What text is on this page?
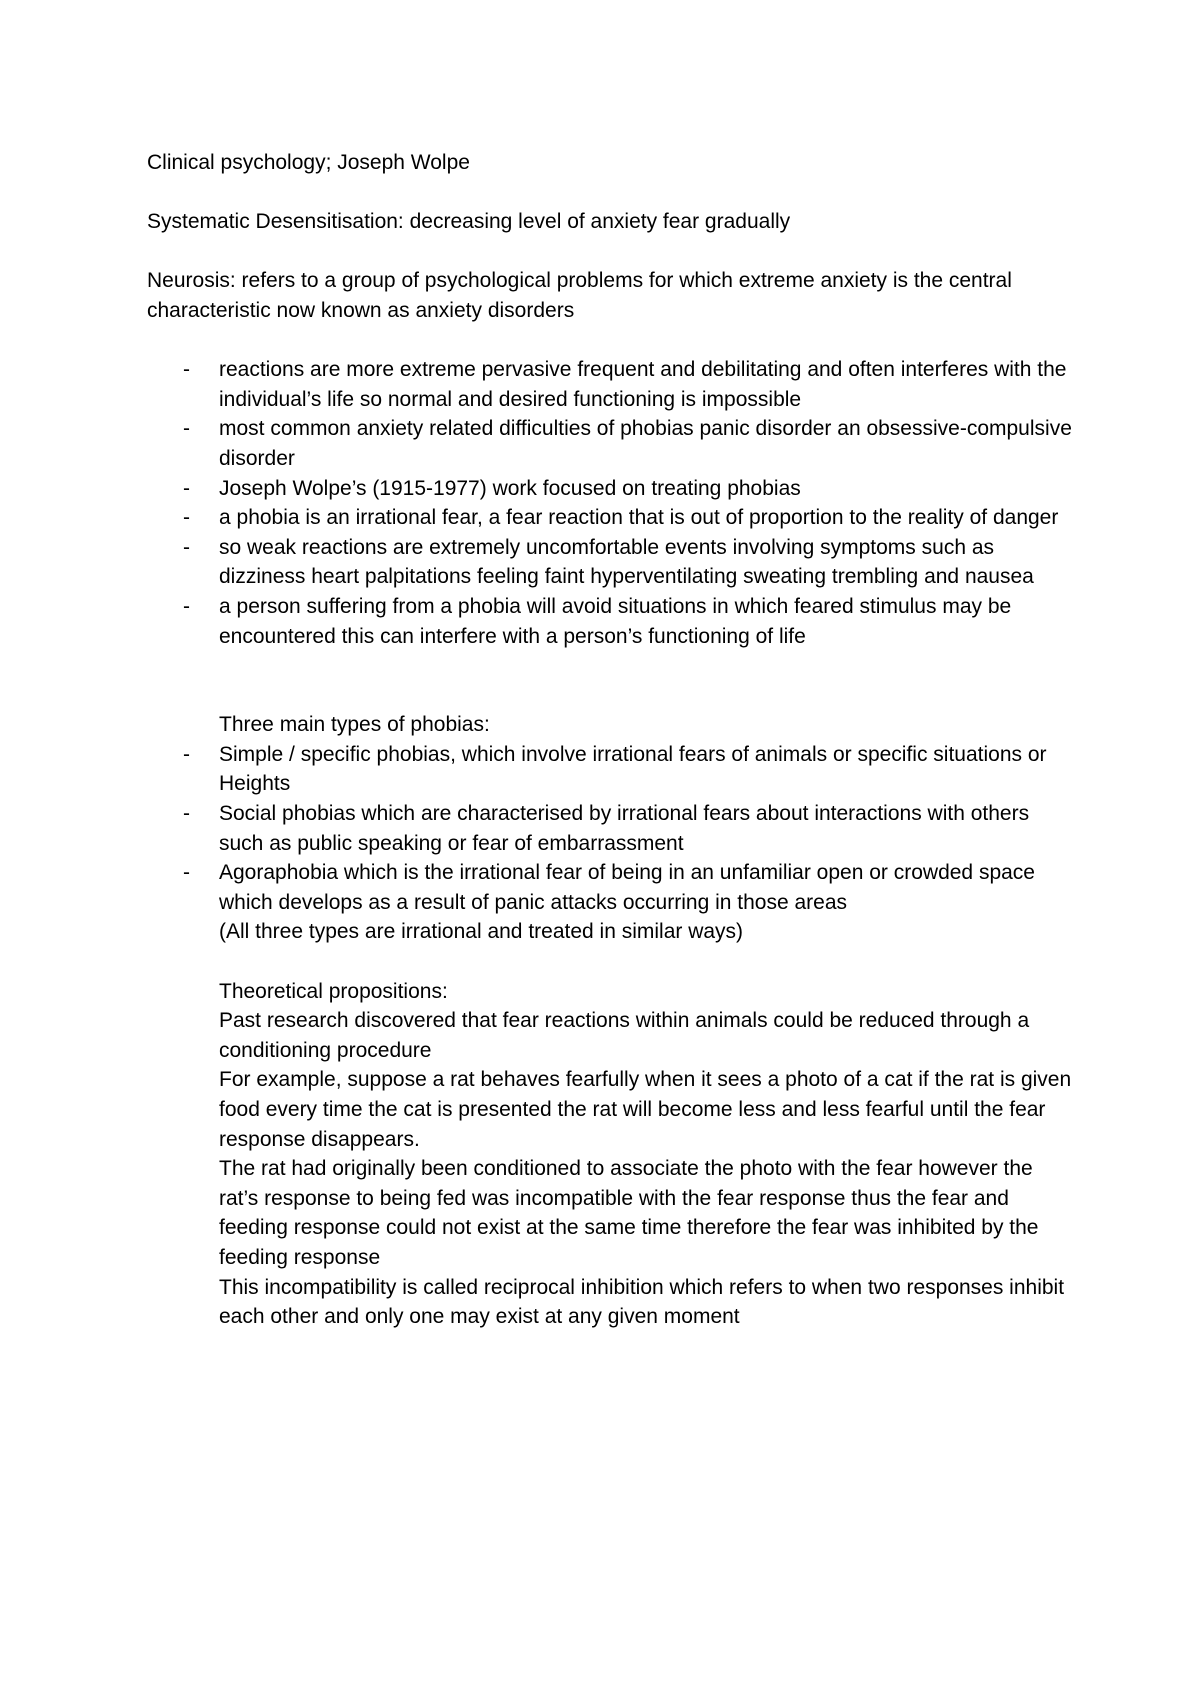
Clinical psychology; Joseph Wolpe

Systematic Desensitisation: decreasing level of anxiety fear gradually

Neurosis: refers to a group of psychological problems for which extreme anxiety is the central characteristic now known as anxiety disorders

- reactions are more extreme pervasive frequent and debilitating and often interferes with the individual’s life so normal and desired functioning is impossible
- most common anxiety related difficulties of phobias panic disorder an obsessive-compulsive disorder
- Joseph Wolpe’s (1915-1977) work focused on treating phobias
- a phobia is an irrational fear, a fear reaction that is out of proportion to the reality of danger
- so weak reactions are extremely uncomfortable events involving symptoms such as dizziness heart palpitations feeling faint hyperventilating sweating trembling and nausea
- a person suffering from a phobia will avoid situations in which feared stimulus may be encountered this can interfere with a person’s functioning of life

Three main types of phobias:

- Simple / specific phobias, which involve irrational fears of animals or specific situations or Heights
- Social phobias which are characterised by irrational fears about interactions with others such as public speaking or fear of embarrassment
- Agoraphobia which is the irrational fear of being in an unfamiliar open or crowded space which develops as a result of panic attacks occurring in those areas

(All three types are irrational and treated in similar ways)

Theoretical propositions:

Past research discovered that fear reactions within animals could be reduced through a conditioning procedure

For example, suppose a rat behaves fearfully when it sees a photo of a cat if the rat is given food every time the cat is presented the rat will become less and less fearful until the fear response disappears.

The rat had originally been conditioned to associate the photo with the fear however the rat’s response to being fed was incompatible with the fear response thus the fear and feeding response could not exist at the same time therefore the fear was inhibited by the feeding response

This incompatibility is called reciprocal inhibition which refers to when two responses inhibit each other and only one may exist at any given moment
